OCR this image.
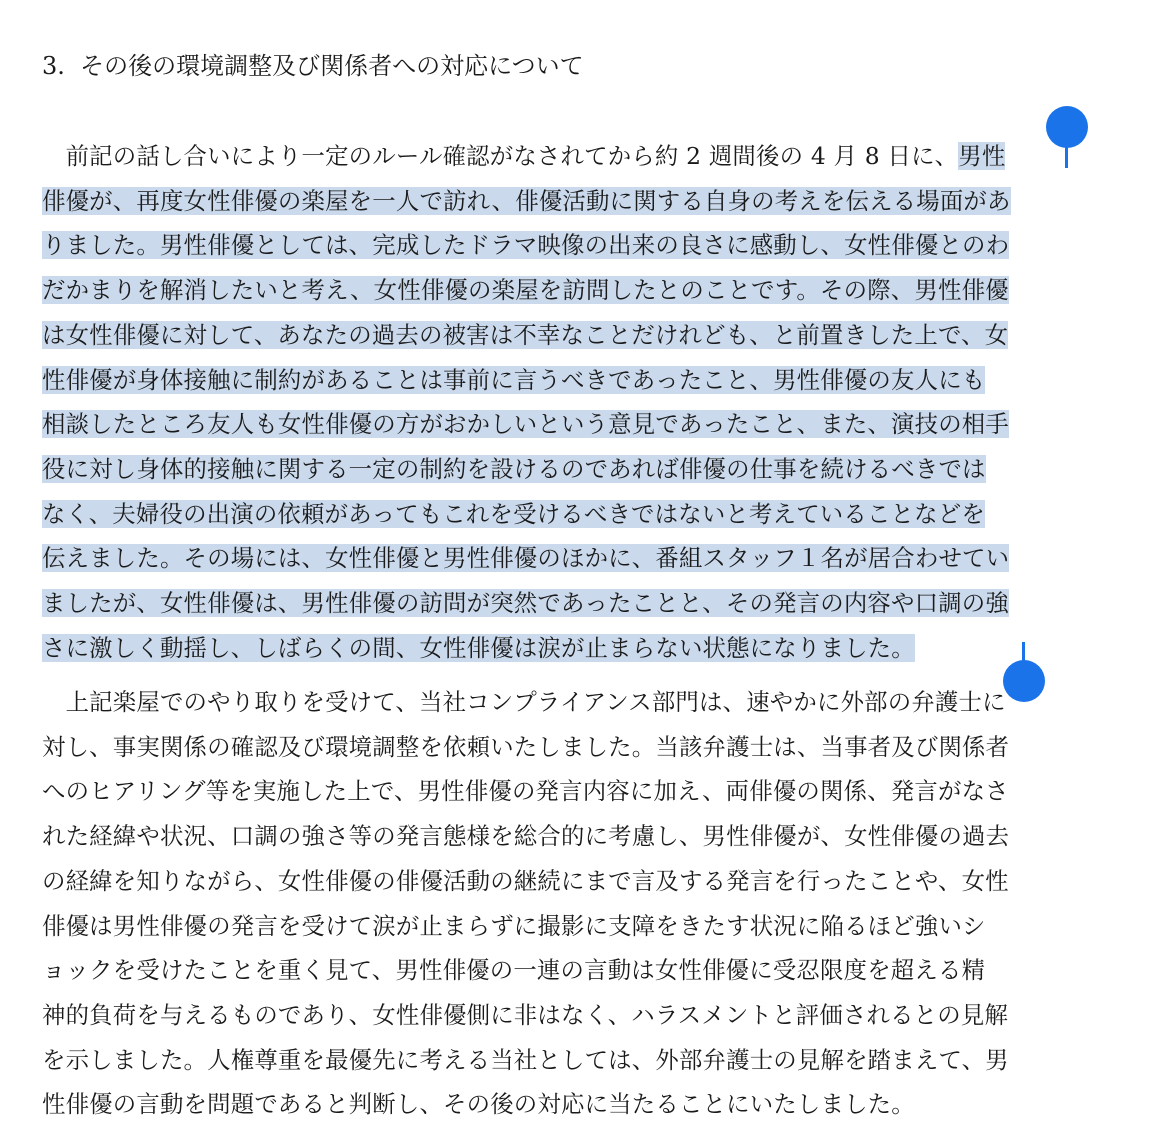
3.  その後の環境調整及び関係者への対応について
　前記の話し合いにより一定のルール確認がなされてから約 2 週間後の 4 月 8 日に、男性
俳優が、再度女性俳優の楽屋を一人で訪れ、俳優活動に関する自身の考えを伝える場面があ
りました。男性俳優としては、完成したドラマ映像の出来の良さに感動し、女性俳優とのわ
だかまりを解消したいと考え、女性俳優の楽屋を訪問したとのことです。その際、男性俳優
は女性俳優に対して、あなたの過去の被害は不幸なことだけれども、と前置きした上で、女
性俳優が身体接触に制約があることは事前に言うべきであったこと、男性俳優の友人にも
相談したところ友人も女性俳優の方がおかしいという意見であったこと、また、演技の相手
役に対し身体的接触に関する一定の制約を設けるのであれば俳優の仕事を続けるべきでは
なく、夫婦役の出演の依頼があってもこれを受けるべきではないと考えていることなどを
伝えました。その場には、女性俳優と男性俳優のほかに、番組スタッフ１名が居合わせてい
ましたが、女性俳優は、男性俳優の訪問が突然であったことと、その発言の内容や口調の強
さに激しく動揺し、しばらくの間、女性俳優は涙が止まらない状態になりました。
　上記楽屋でのやり取りを受けて、当社コンプライアンス部門は、速やかに外部の弁護士に
対し、事実関係の確認及び環境調整を依頼いたしました。当該弁護士は、当事者及び関係者
へのヒアリング等を実施した上で、男性俳優の発言内容に加え、両俳優の関係、発言がなさ
れた経緯や状況、口調の強さ等の発言態様を総合的に考慮し、男性俳優が、女性俳優の過去
の経緯を知りながら、女性俳優の俳優活動の継続にまで言及する発言を行ったことや、女性
俳優は男性俳優の発言を受けて涙が止まらずに撮影に支障をきたす状況に陥るほど強いシ
ョックを受けたことを重く見て、男性俳優の一連の言動は女性俳優に受忍限度を超える精
神的負荷を与えるものであり、女性俳優側に非はなく、ハラスメントと評価されるとの見解
を示しました。人権尊重を最優先に考える当社としては、外部弁護士の見解を踏まえて、男
性俳優の言動を問題であると判断し、その後の対応に当たることにいたしました。
